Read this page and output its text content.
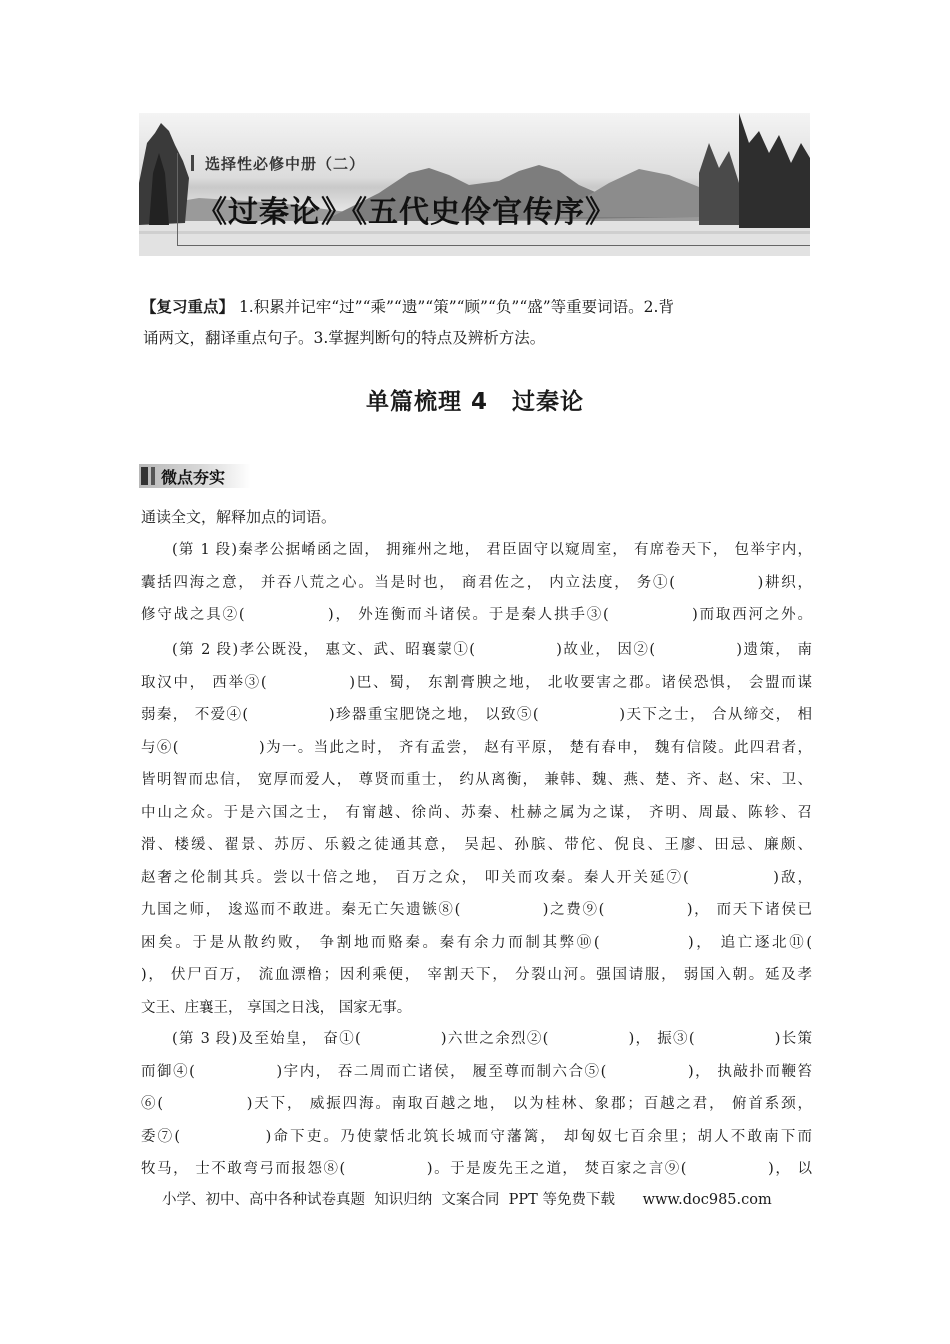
选择性必修中册（二）
《过秦论》《五代史伶官传序》
【复习重点】 1.积累并记牢“过”“乘”“遗”“策”“顾”“负”“盛”等重要词语。2.背
诵两文，翻译重点句子。3.掌握判断句的特点及辨析方法。
单篇梳理 4　过秦论
微点夯实
通读全文，解释加点的词语。

(第 1 段)秦孝公据崤函之固， 拥雍州之地， 君臣固守以窥周室， 有席卷天下， 包举宇内，

囊括四海之意， 并吞八荒之心。当是时也， 商君佐之， 内立法度， 务①(　　　　　)耕织，

修守战之具②(　　　　　)， 外连衡而斗诸侯。于是秦人拱手③(　　　　　)而取西河之外。

(第 2 段)孝公既没， 惠文、武、昭襄蒙①(　　　　　)故业， 因②(　　　　　)遗策， 南

取汉中， 西举③(　　　　　)巴、蜀， 东割膏腴之地， 北收要害之郡。诸侯恐惧， 会盟而谋

弱秦， 不爱④(　　　　　)珍器重宝肥饶之地， 以致⑤(　　　　　)天下之士， 合从缔交， 相

与⑥(　　　　　)为一。当此之时， 齐有孟尝， 赵有平原， 楚有春申， 魏有信陵。此四君者，

皆明智而忠信， 宽厚而爱人， 尊贤而重士， 约从离衡， 兼韩、魏、燕、楚、齐、赵、宋、卫、

中山之众。于是六国之士， 有甯越、徐尚、苏秦、杜赫之属为之谋， 齐明、周最、陈轸、召

滑、楼缓、翟景、苏厉、乐毅之徒通其意， 吴起、孙膑、带佗、倪良、王廖、田忌、廉颇、

赵奢之伦制其兵。尝以十倍之地， 百万之众， 叩关而攻秦。秦人开关延⑦(　　　　　)敌，

九国之师， 逡巡而不敢进。秦无亡矢遗镞⑧(　　　　　)之费⑨(　　　　　)， 而天下诸侯已

困矣。于是从散约败， 争割地而赂秦。秦有余力而制其弊⑩(　　　　　)， 追亡逐北⑪(

)， 伏尸百万， 流血漂橹；因利乘便， 宰割天下， 分裂山河。强国请服， 弱国入朝。延及孝

文王、庄襄王， 享国之日浅， 国家无事。

(第 3 段)及至始皇， 奋①(　　　　　)六世之余烈②(　　　　　)， 振③(　　　　　)长策

而御④(　　　　　)宇内， 吞二周而亡诸侯， 履至尊而制六合⑤(　　　　　)， 执敲扑而鞭笞

⑥(　　　　　)天下， 威振四海。南取百越之地， 以为桂林、象郡；百越之君， 俯首系颈，

委⑦(　　　　　)命下吏。乃使蒙恬北筑长城而守藩篱， 却匈奴七百余里；胡人不敢南下而

牧马， 士不敢弯弓而报怨⑧(　　　　　)。于是废先王之道， 焚百家之言⑨(　　　　　)， 以

小学、初中、高中各种试卷真题  知识归纳  文案合同  PPT 等免费下载      www.doc985.com
